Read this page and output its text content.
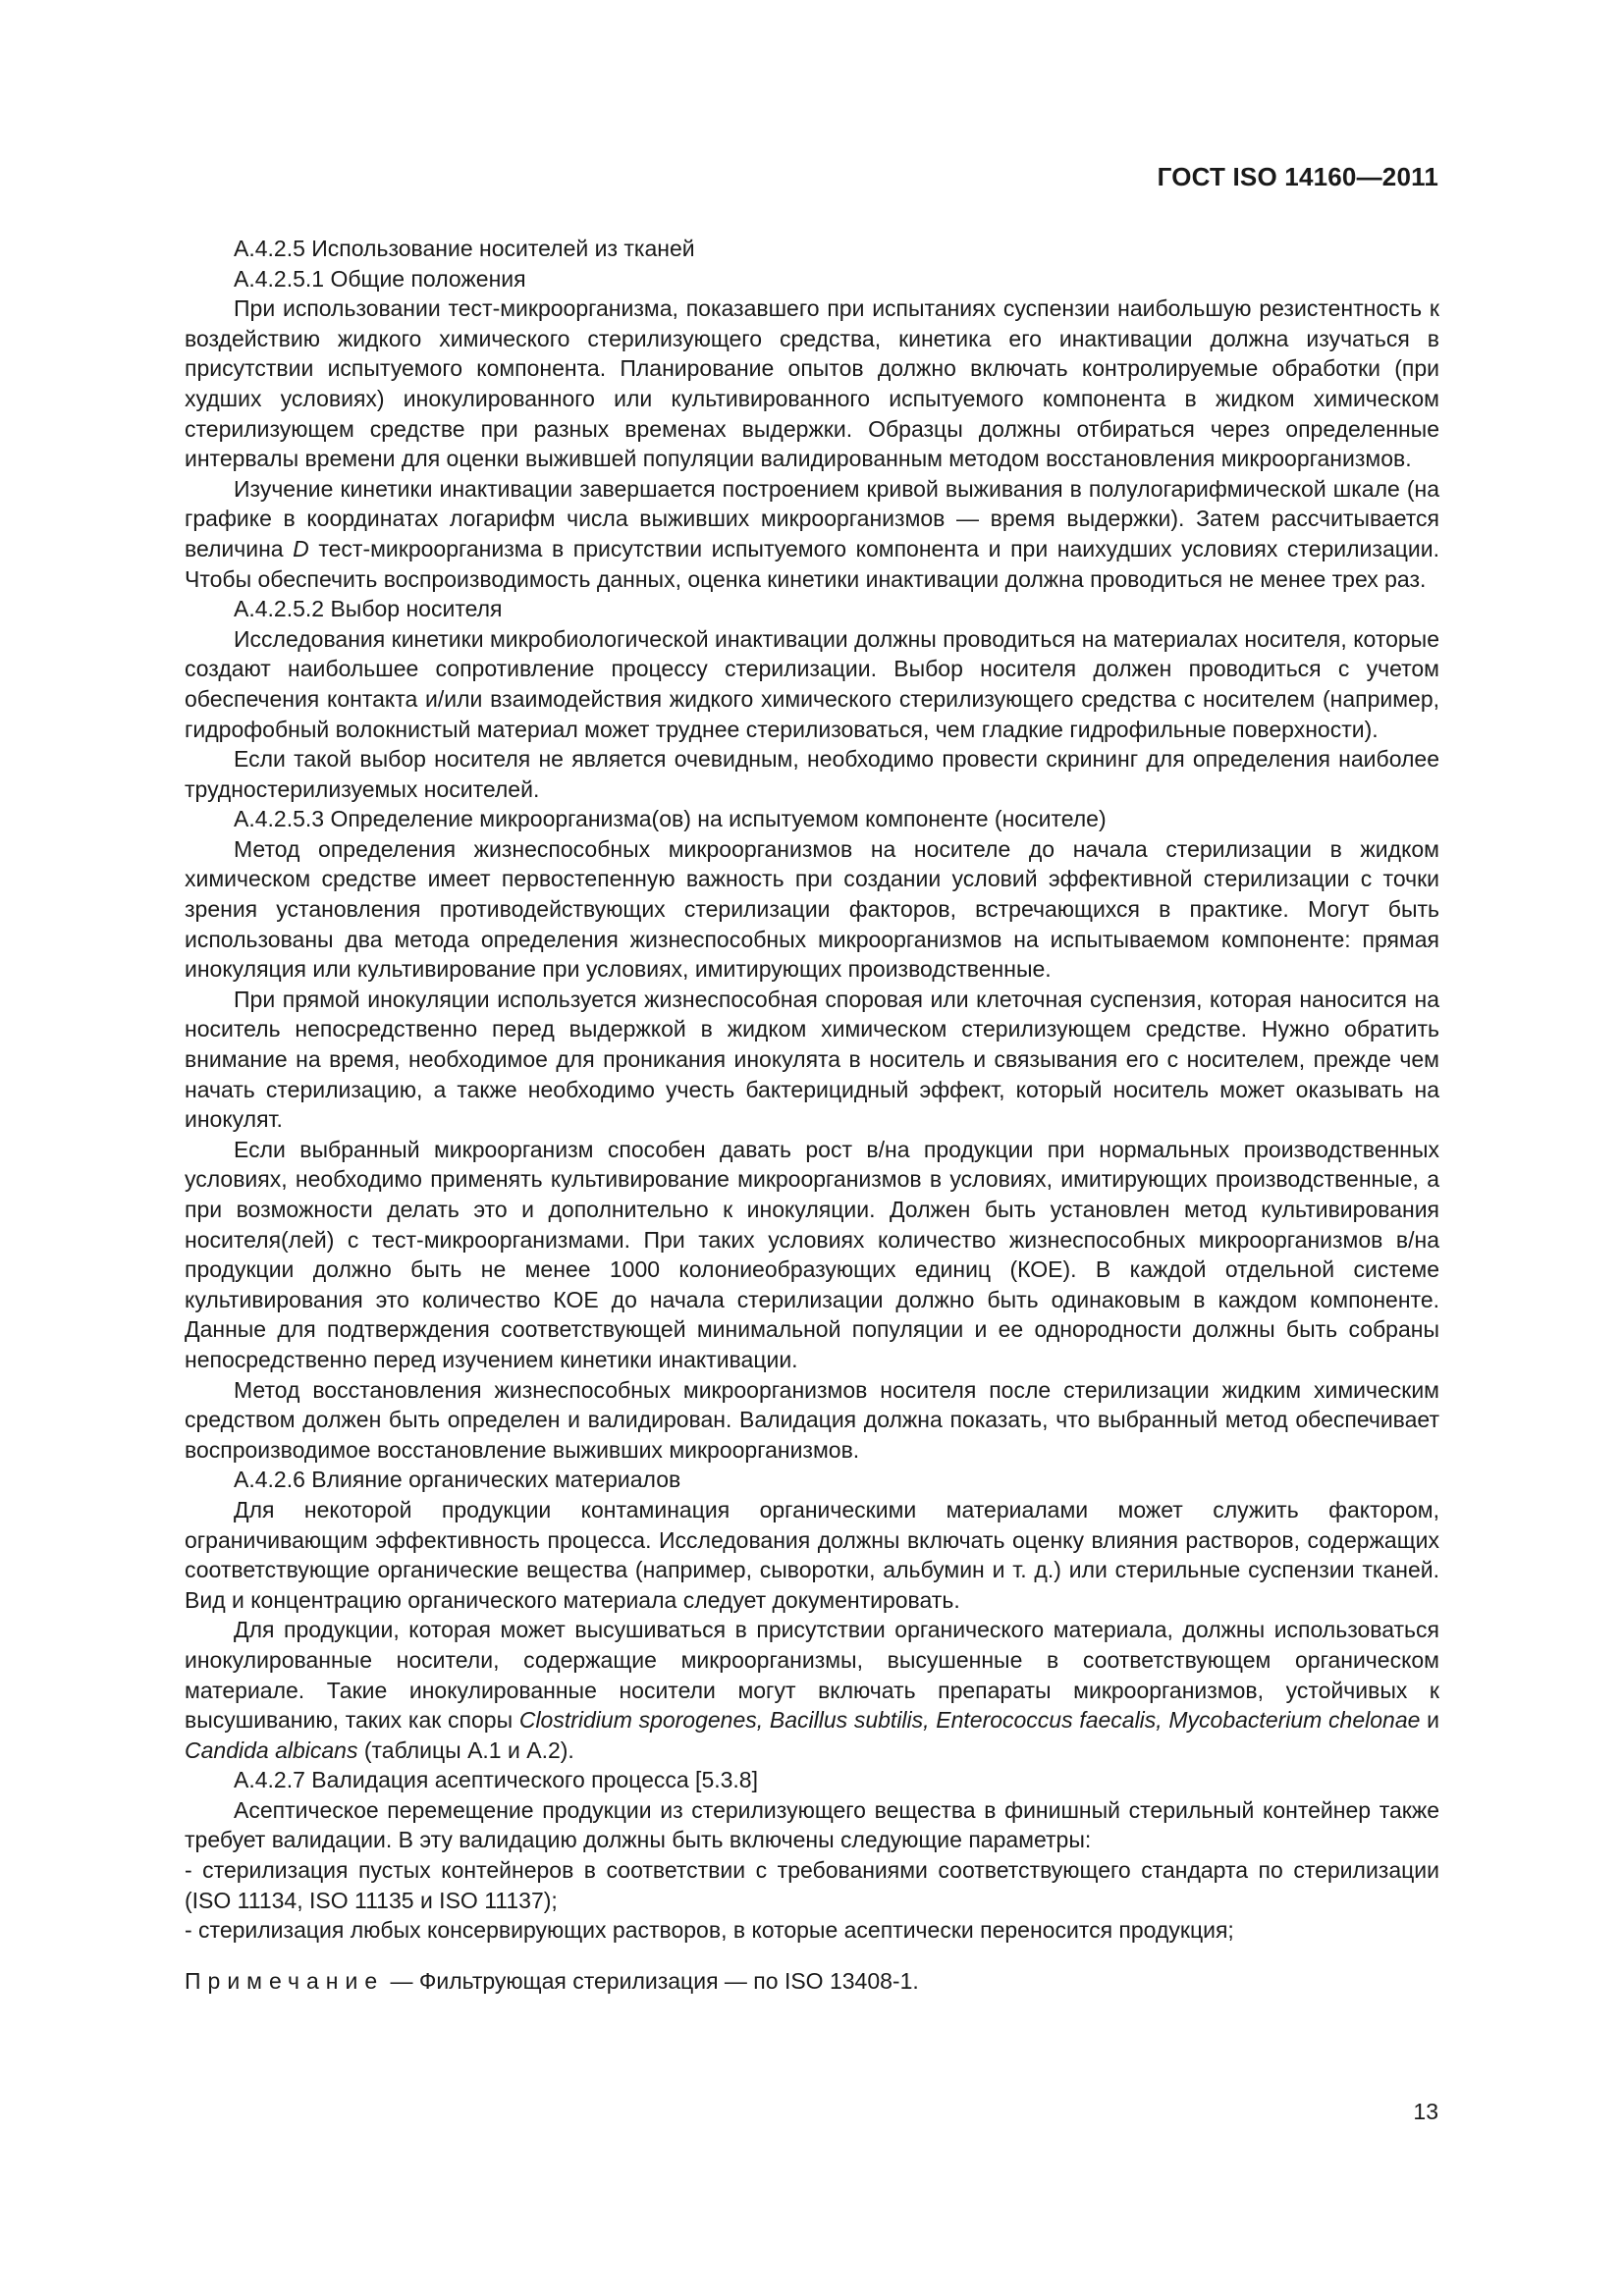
ГОСТ ISO 14160—2011

А.4.2.5 Использование носителей из тканей

А.4.2.5.1 Общие положения

При использовании тест-микроорганизма, показавшего при испытаниях суспензии наибольшую резистентность к воздействию жидкого химического стерилизующего средства, кинетика его инактивации должна изучаться в присутствии испытуемого компонента. Планирование опытов должно включать контролируемые обработки (при худших условиях) инокулированного или культивированного испытуемого компонента в жидком химическом стерилизующем средстве при разных временах выдержки. Образцы должны отбираться через определенные интервалы времени для оценки выжившей популяции валидированным методом восстановления микроорганизмов.

Изучение кинетики инактивации завершается построением кривой выживания в полулогарифмической шкале (на графике в координатах логарифм числа выживших микроорганизмов — время выдержки). Затем рассчитывается величина D тест-микроорганизма в присутствии испытуемого компонента и при наихудших условиях стерилизации. Чтобы обеспечить воспроизводимость данных, оценка кинетики инактивации должна проводиться не менее трех раз.

А.4.2.5.2 Выбор носителя

Исследования кинетики микробиологической инактивации должны проводиться на материалах носителя, которые создают наибольшее сопротивление процессу стерилизации. Выбор носителя должен проводиться с учетом обеспечения контакта и/или взаимодействия жидкого химического стерилизующего средства с носителем (например, гидрофобный волокнистый материал может труднее стерилизоваться, чем гладкие гидрофильные поверхности).

Если такой выбор носителя не является очевидным, необходимо провести скрининг для определения наиболее трудностерилизуемых носителей.

А.4.2.5.3 Определение микроорганизма(ов) на испытуемом компоненте (носителе)

Метод определения жизнеспособных микроорганизмов на носителе до начала стерилизации в жидком химическом средстве имеет первостепенную важность при создании условий эффективной стерилизации с точки зрения установления противодействующих стерилизации факторов, встречающихся в практике. Могут быть использованы два метода определения жизнеспособных микроорганизмов на испытываемом компоненте: прямая инокуляция или культивирование при условиях, имитирующих производственные.

При прямой инокуляции используется жизнеспособная споровая или клеточная суспензия, которая наносится на носитель непосредственно перед выдержкой в жидком химическом стерилизующем средстве. Нужно обратить внимание на время, необходимое для проникания инокулята в носитель и связывания его с носителем, прежде чем начать стерилизацию, а также необходимо учесть бактерицидный эффект, который носитель может оказывать на инокулят.

Если выбранный микроорганизм способен давать рост в/на продукции при нормальных производственных условиях, необходимо применять культивирование микроорганизмов в условиях, имитирующих производственные, а при возможности делать это и дополнительно к инокуляции. Должен быть установлен метод культивирования носителя(лей) с тест-микроорганизмами. При таких условиях количество жизнеспособных микроорганизмов в/на продукции должно быть не менее 1000 колониеобразующих единиц (КОЕ). В каждой отдельной системе культивирования это количество КОЕ до начала стерилизации должно быть одинаковым в каждом компоненте. Данные для подтверждения соответствующей минимальной популяции и ее однородности должны быть собраны непосредственно перед изучением кинетики инактивации.

Метод восстановления жизнеспособных микроорганизмов носителя после стерилизации жидким химическим средством должен быть определен и валидирован. Валидация должна показать, что выбранный метод обеспечивает воспроизводимое восстановление выживших микроорганизмов.

А.4.2.6 Влияние органических материалов

Для некоторой продукции контаминация органическими материалами может служить фактором, ограничивающим эффективность процесса. Исследования должны включать оценку влияния растворов, содержащих соответствующие органические вещества (например, сыворотки, альбумин и т. д.) или стерильные суспензии тканей. Вид и концентрацию органического материала следует документировать.

Для продукции, которая может высушиваться в присутствии органического материала, должны использоваться инокулированные носители, содержащие микроорганизмы, высушенные в соответствующем органическом материале. Такие инокулированные носители могут включать препараты микроорганизмов, устойчивых к высушиванию, таких как споры Clostridium sporogenes, Bacillus subtilis, Enterococcus faecalis, Mycobacterium chelonae и Candida albicans (таблицы А.1 и А.2).

А.4.2.7 Валидация асептического процесса [5.3.8]

Асептическое перемещение продукции из стерилизующего вещества в финишный стерильный контейнер также требует валидации. В эту валидацию должны быть включены следующие параметры:

- стерилизация пустых контейнеров в соответствии с требованиями соответствующего стандарта по стерилизации (ISO 11134, ISO 11135 и ISO 11137);

- стерилизация любых консервирующих растворов, в которые асептически переносится продукция;

Примечание — Фильтрующая стерилизация — по ISO 13408-1.

13
